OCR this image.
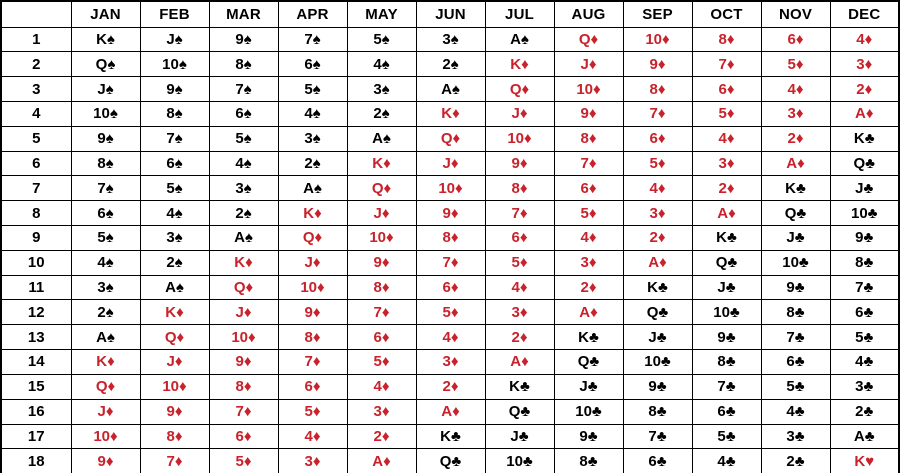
	JAN	FEB	MAR	APR	MAY	JUN	JUL	AUG	SEP	OCT	NOV	DEC
1	K♠	J♠	9♠	7♠	5♠	3♠	A♠	Q♦	10♦	8♦	6♦	4♦
2	Q♠	10♠	8♠	6♠	4♠	2♠	K♦	J♦	9♦	7♦	5♦	3♦
3	J♠	9♠	7♠	5♠	3♠	A♠	Q♦	10♦	8♦	6♦	4♦	2♦
4	10♠	8♠	6♠	4♠	2♠	K♦	J♦	9♦	7♦	5♦	3♦	A♦
5	9♠	7♠	5♠	3♠	A♠	Q♦	10♦	8♦	6♦	4♦	2♦	K♣
6	8♠	6♠	4♠	2♠	K♦	J♦	9♦	7♦	5♦	3♦	A♦	Q♣
7	7♠	5♠	3♠	A♠	Q♦	10♦	8♦	6♦	4♦	2♦	K♣	J♣
8	6♠	4♠	2♠	K♦	J♦	9♦	7♦	5♦	3♦	A♦	Q♣	10♣
9	5♠	3♠	A♠	Q♦	10♦	8♦	6♦	4♦	2♦	K♣	J♣	9♣
10	4♠	2♠	K♦	J♦	9♦	7♦	5♦	3♦	A♦	Q♣	10♣	8♣
11	3♠	A♠	Q♦	10♦	8♦	6♦	4♦	2♦	K♣	J♣	9♣	7♣
12	2♠	K♦	J♦	9♦	7♦	5♦	3♦	A♦	Q♣	10♣	8♣	6♣
13	A♠	Q♦	10♦	8♦	6♦	4♦	2♦	K♣	J♣	9♣	7♣	5♣
14	K♦	J♦	9♦	7♦	5♦	3♦	A♦	Q♣	10♣	8♣	6♣	4♣
15	Q♦	10♦	8♦	6♦	4♦	2♦	K♣	J♣	9♣	7♣	5♣	3♣
16	J♦	9♦	7♦	5♦	3♦	A♦	Q♣	10♣	8♣	6♣	4♣	2♣
17	10♦	8♦	6♦	4♦	2♦	K♣	J♣	9♣	7♣	5♣	3♣	A♣
18	9♦	7♦	5♦	3♦	A♦	Q♣	10♣	8♣	6♣	4♣	2♣	K♥
